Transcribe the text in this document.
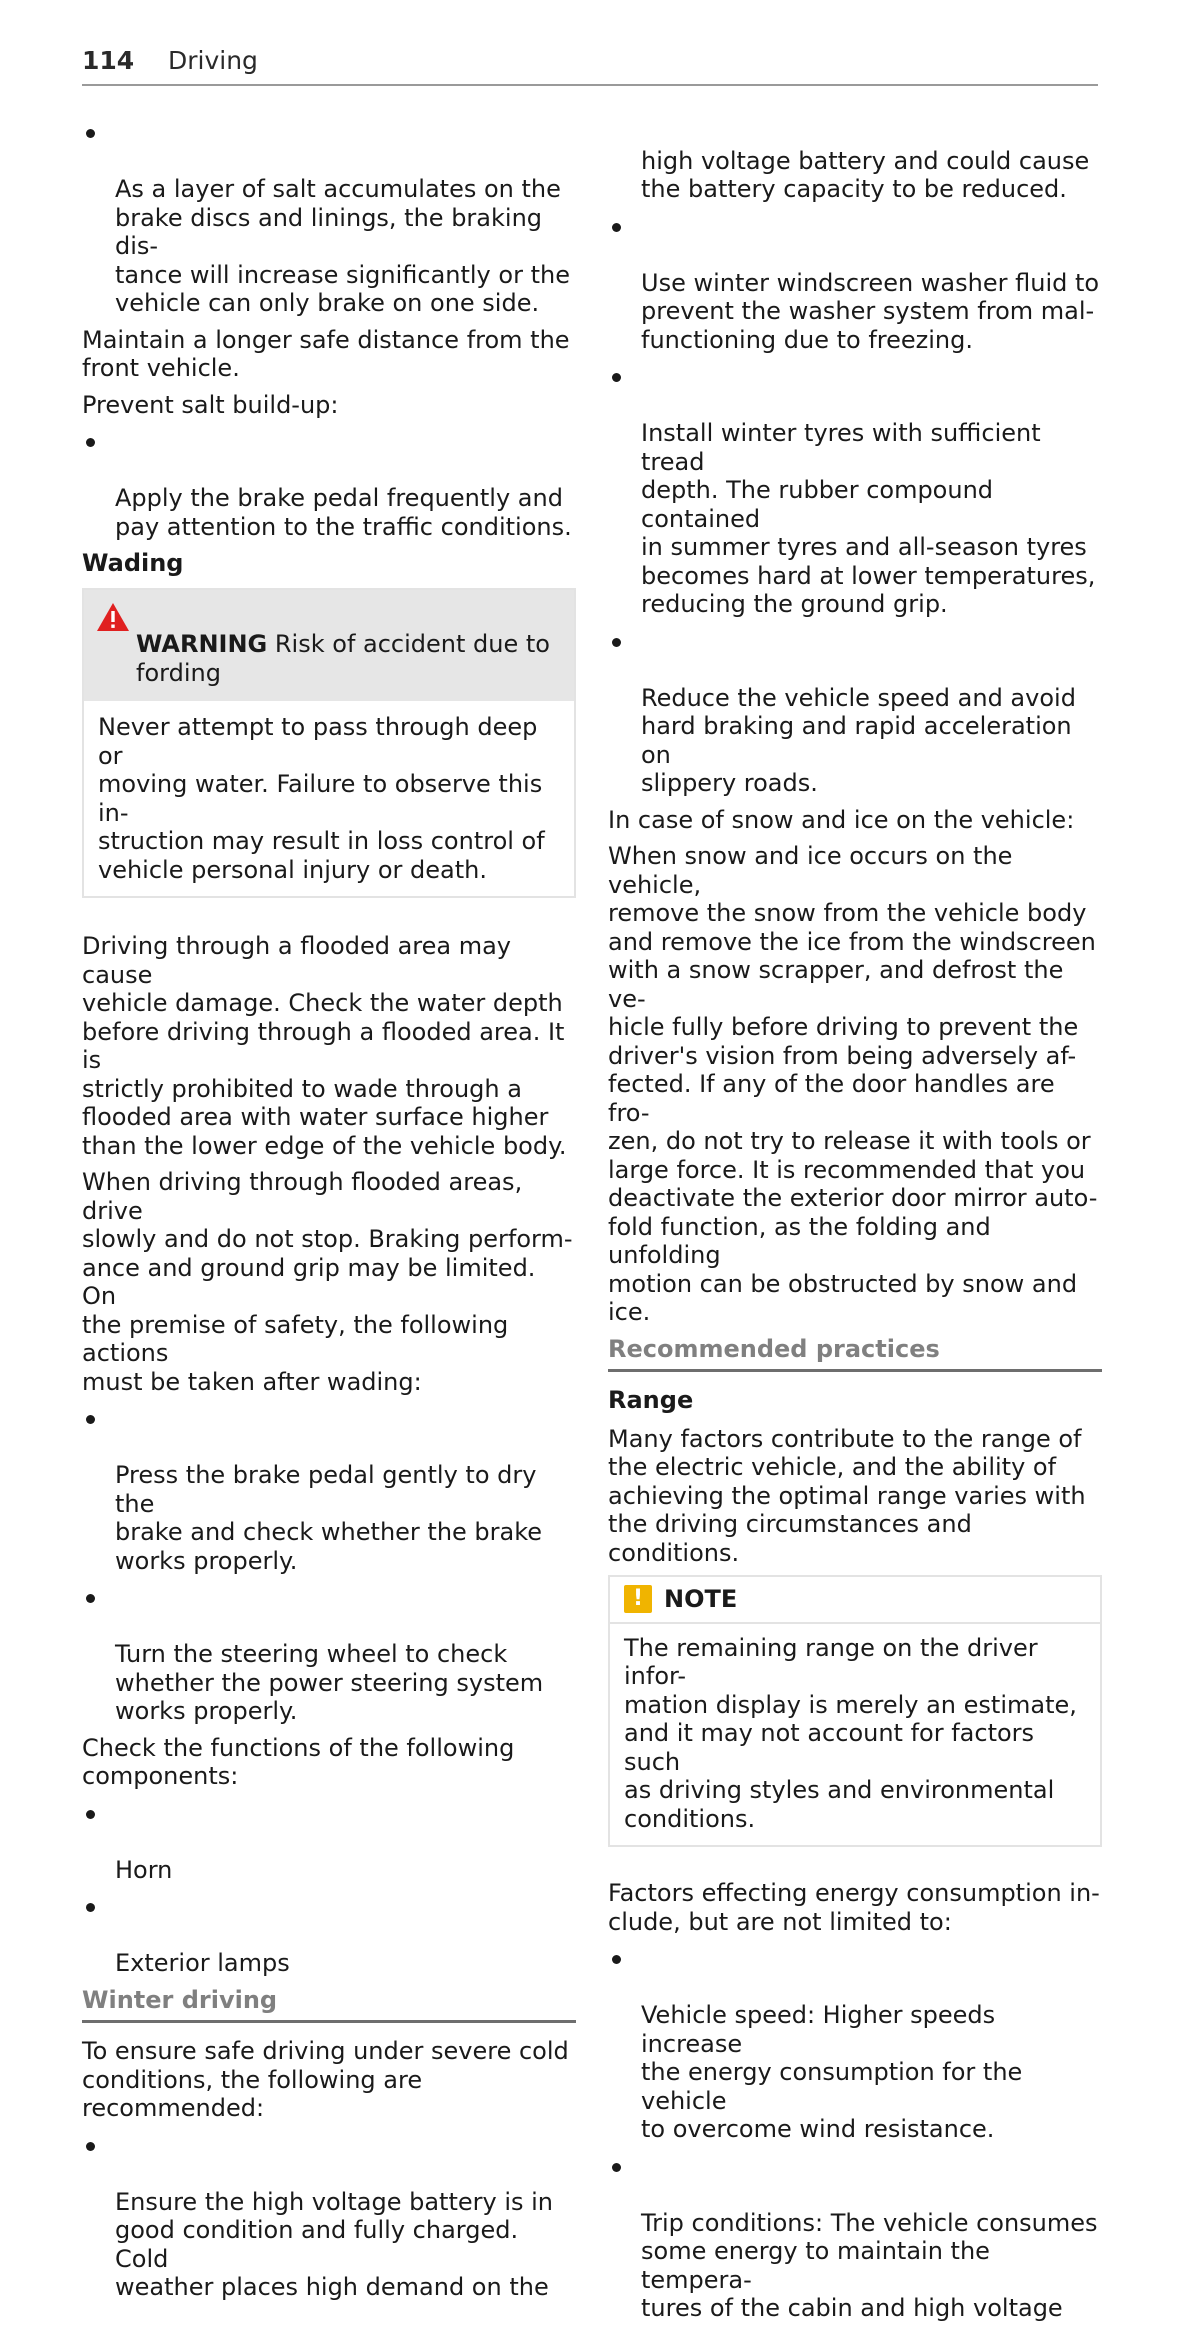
114 Driving

As a layer of salt accumulates on the
brake discs and linings, the braking dis-
tance will increase significantly or the
vehicle can only brake on one side.

Maintain a longer safe distance from the
front vehicle.

Prevent salt build-up:

Apply the brake pedal frequently and
pay attention to the traffic conditions.

Wading

WARNING Risk of accident due to
fording

Never attempt to pass through deep or
moving water. Failure to observe this in-
struction may result in loss control of
vehicle personal injury or death.

Driving through a flooded area may cause
vehicle damage. Check the water depth
before driving through a flooded area. It is
strictly prohibited to wade through a
flooded area with water surface higher
than the lower edge of the vehicle body.

When driving through flooded areas, drive
slowly and do not stop. Braking perform-
ance and ground grip may be limited. On
the premise of safety, the following actions
must be taken after wading:

Press the brake pedal gently to dry the
brake and check whether the brake
works properly.

Turn the steering wheel to check
whether the power steering system
works properly.

Check the functions of the following
components:

Horn

Exterior lamps

Winter driving

To ensure safe driving under severe cold
conditions, the following are
recommended:

Ensure the high voltage battery is in
good condition and fully charged. Cold
weather places high demand on the

high voltage battery and could cause
the battery capacity to be reduced.

Use winter windscreen washer fluid to
prevent the washer system from mal-
functioning due to freezing.

Install winter tyres with sufficient tread
depth. The rubber compound contained
in summer tyres and all-season tyres
becomes hard at lower temperatures,
reducing the ground grip.

Reduce the vehicle speed and avoid
hard braking and rapid acceleration on
slippery roads.

In case of snow and ice on the vehicle:

When snow and ice occurs on the vehicle,
remove the snow from the vehicle body
and remove the ice from the windscreen
with a snow scrapper, and defrost the ve-
hicle fully before driving to prevent the
driver's vision from being adversely af-
fected. If any of the door handles are fro-
zen, do not try to release it with tools or
large force. It is recommended that you
deactivate the exterior door mirror auto-
fold function, as the folding and unfolding
motion can be obstructed by snow and ice.

Recommended practices
Range

Many factors contribute to the range of
the electric vehicle, and the ability of
achieving the optimal range varies with
the driving circumstances and conditions.

! NOTE
The remaining range on the driver infor-
mation display is merely an estimate,
and it may not account for factors such
as driving styles and environmental
conditions.

Factors effecting energy consumption in-
clude, but are not limited to:

Vehicle speed: Higher speeds increase
the energy consumption for the vehicle
to overcome wind resistance.

Trip conditions: The vehicle consumes
some energy to maintain the tempera-
tures of the cabin and high voltage
